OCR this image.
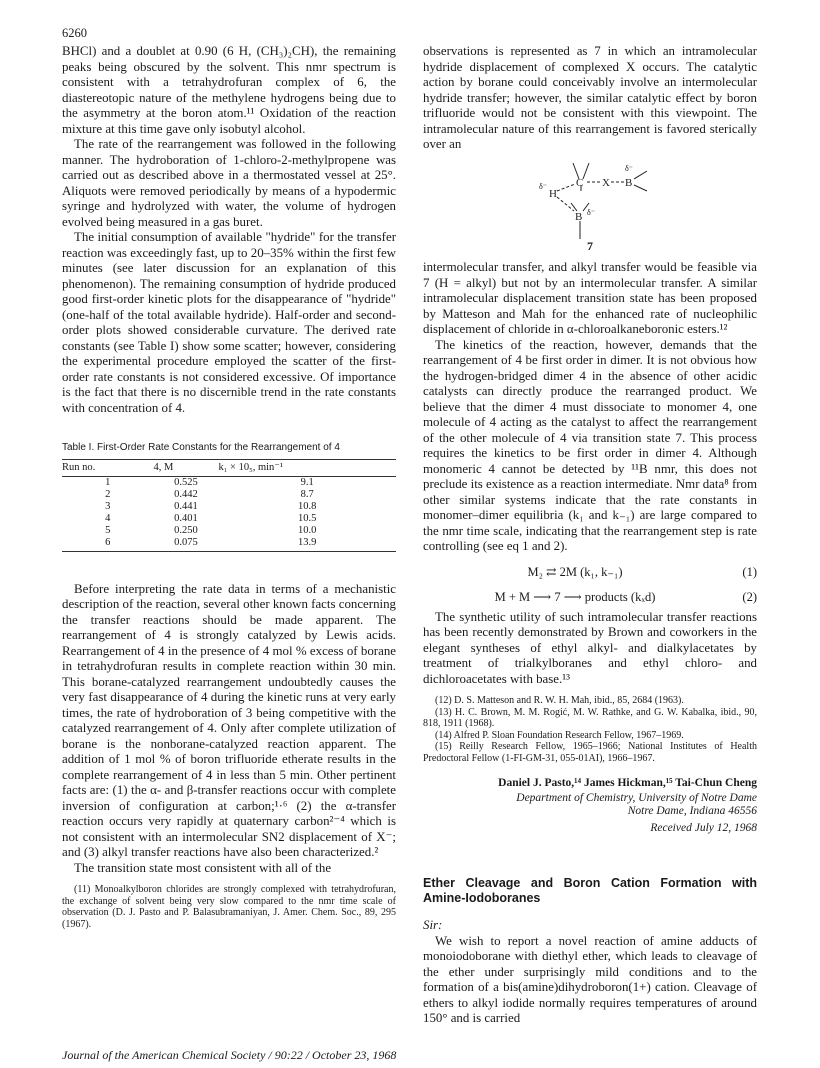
6260

BHCl) and a doublet at 0.90 (6 H, (CH₃)₂CH), the remaining peaks being obscured by the solvent. This nmr spectrum is consistent with a tetrahydrofuran complex of 6, the diastereotopic nature of the methylene hydrogens being due to the asymmetry at the boron atom.¹¹ Oxidation of the reaction mixture at this time gave only isobutyl alcohol.

The rate of the rearrangement was followed in the following manner. The hydroboration of 1-chloro-2-methylpropene was carried out as described above in a thermostated vessel at 25°. Aliquots were removed periodically by means of a hypodermic syringe and hydrolyzed with water, the volume of hydrogen evolved being measured in a gas buret.

The initial consumption of available "hydride" for the transfer reaction was exceedingly fast, up to 20–35% within the first few minutes (see later discussion for an explanation of this phenomenon). The remaining consumption of hydride produced good first-order kinetic plots for the disappearance of "hydride" (one-half of the total available hydride). Half-order and second-order plots showed considerable curvature. The derived rate constants (see Table I) show some scatter; however, considering the experimental procedure employed the scatter of the first-order rate constants is not considered excessive. Of importance is the fact that there is no discernible trend in the rate constants with concentration of 4.

Table I. First-Order Rate Constants for the Rearrangement of 4
Run no.	4, M	k₁ × 10₅, min⁻¹
1	0.525	9.1
2	0.442	8.7
3	0.441	10.8
4	0.401	10.5
5	0.250	10.0
6	0.075	13.9

Before interpreting the rate data in terms of a mechanistic description of the reaction, several other known facts concerning the transfer reactions should be made apparent. The rearrangement of 4 is strongly catalyzed by Lewis acids. Rearrangement of 4 in the presence of 4 mol % excess of borane in tetrahydrofuran results in complete reaction within 30 min. This borane-catalyzed rearrangement undoubtedly causes the very fast disappearance of 4 during the kinetic runs at very early times, the rate of hydroboration of 3 being competitive with the catalyzed rearrangement of 4. Only after complete utilization of borane is the nonborane-catalyzed reaction apparent. The addition of 1 mol % of boron trifluoride etherate results in the complete rearrangement of 4 in less than 5 min. Other pertinent facts are: (1) the α- and β-transfer reactions occur with complete inversion of configuration at carbon;¹·⁶ (2) the α-transfer reaction occurs very rapidly at quaternary carbon²⁻⁴ which is not consistent with an intermolecular SN2 displacement of X⁻; and (3) alkyl transfer reactions have also been characterized.²

The transition state most consistent with all of the

(11) Monoalkylboron chlorides are strongly complexed with tetrahydrofuran, the exchange of solvent being very slow compared to the nmr time scale of observation (D. J. Pasto and P. Balasubramaniyan, J. Amer. Chem. Soc., 89, 295 (1967).

observations is represented as 7 in which an intramolecular hydride displacement of complexed X occurs. The catalytic action by borane could conceivably involve an intermolecular hydride transfer; however, the similar catalytic effect by boron trifluoride would not be consistent with this viewpoint. The intramolecular nature of this rearrangement is favored sterically over an

C X B
H
B
δ⁻
δ⁻
δ⁻
7

intermolecular transfer, and alkyl transfer would be feasible via 7 (H = alkyl) but not by an intermolecular transfer. A similar intramolecular displacement transition state has been proposed by Matteson and Mah for the enhanced rate of nucleophilic displacement of chloride in α-chloroalkaneboronic esters.¹²

The kinetics of the reaction, however, demands that the rearrangement of 4 be first order in dimer. It is not obvious how the hydrogen-bridged dimer 4 in the absence of other acidic catalysts can directly produce the rearranged product. We believe that the dimer 4 must dissociate to monomer 4, one molecule of 4 acting as the catalyst to affect the rearrangement of the other molecule of 4 via transition state 7. This process requires the kinetics to be first order in dimer 4. Although monomeric 4 cannot be detected by ¹¹B nmr, this does not preclude its existence as a reaction intermediate. Nmr data⁸ from other similar systems indicate that the rate constants in monomer–dimer equilibria (k₁ and k₋₁) are large compared to the nmr time scale, indicating that the rearrangement step is rate controlling (see eq 1 and 2).

M₂ ⇄ 2M (k₁, k₋₁)	(1)
M + M ⟶ 7 ⟶ products (kₓd)	(2)

The synthetic utility of such intramolecular transfer reactions has been recently demonstrated by Brown and coworkers in the elegant syntheses of ethyl alkyl- and dialkylacetates by treatment of trialkylboranes and ethyl chloro- and dichloroacetates with base.¹³

(12) D. S. Matteson and R. W. H. Mah, ibid., 85, 2684 (1963).
(13) H. C. Brown, M. M. Rogić, M. W. Rathke, and G. W. Kabalka, ibid., 90, 818, 1911 (1968).
(14) Alfred P. Sloan Foundation Research Fellow, 1967–1969.
(15) Reilly Research Fellow, 1965–1966; National Institutes of Health Predoctoral Fellow (1-FI-GM-31, 055-01AI), 1966–1967.
Daniel J. Pasto,¹⁴ James Hickman,¹⁵ Tai-Chun Cheng
Department of Chemistry, University of Notre Dame
Notre Dame, Indiana 46556
Received July 12, 1968
Ether Cleavage and Boron Cation Formation with Amine-Iodoboranes
Sir:

We wish to report a novel reaction of amine adducts of monoiodoborane with diethyl ether, which leads to cleavage of the ether under surprisingly mild conditions and to the formation of a bis(amine)dihydroboron(1+) cation. Cleavage of ethers to alkyl iodide normally requires temperatures of around 150° and is carried

Journal of the American Chemical Society / 90:22 / October 23, 1968
